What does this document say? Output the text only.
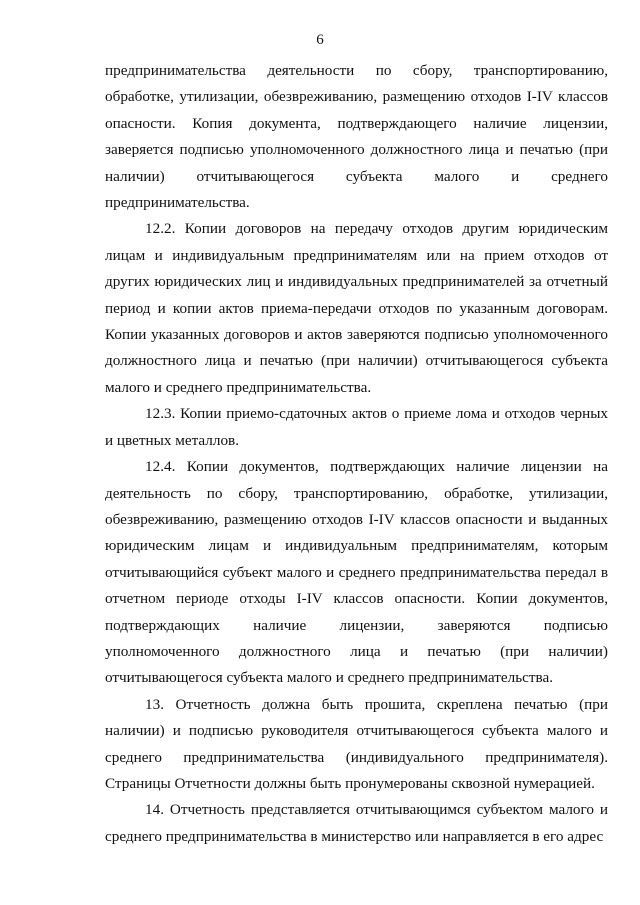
6

предпринимательства деятельности по сбору, транспортированию, обработке, утилизации, обезвреживанию, размещению отходов I-IV классов опасности. Копия документа, подтверждающего наличие лицензии, заверяется подписью уполномоченного должностного лица и печатью (при наличии) отчитывающегося субъекта малого и среднего предпринимательства.

12.2. Копии договоров на передачу отходов другим юридическим лицам и индивидуальным предпринимателям или на прием отходов от других юридических лиц и индивидуальных предпринимателей за отчетный период и копии актов приема-передачи отходов по указанным договорам. Копии указанных договоров и актов заверяются подписью уполномоченного должностного лица и печатью (при наличии) отчитывающегося субъекта малого и среднего предпринимательства.

12.3. Копии приемо-сдаточных актов о приеме лома и отходов черных и цветных металлов.

12.4. Копии документов, подтверждающих наличие лицензии на деятельность по сбору, транспортированию, обработке, утилизации, обезвреживанию, размещению отходов I-IV классов опасности и выданных юридическим лицам и индивидуальным предпринимателям, которым отчитывающийся субъект малого и среднего предпринимательства передал в отчетном периоде отходы I-IV классов опасности. Копии документов, подтверждающих наличие лицензии, заверяются подписью уполномоченного должностного лица и печатью (при наличии) отчитывающегося субъекта малого и среднего предпринимательства.

13. Отчетность должна быть прошита, скреплена печатью (при наличии) и подписью руководителя отчитывающегося субъекта малого и среднего предпринимательства (индивидуального предпринимателя). Страницы Отчетности должны быть пронумерованы сквозной нумерацией.

14. Отчетность представляется отчитывающимся субъектом малого и среднего предпринимательства в министерство или направляется в его адрес
